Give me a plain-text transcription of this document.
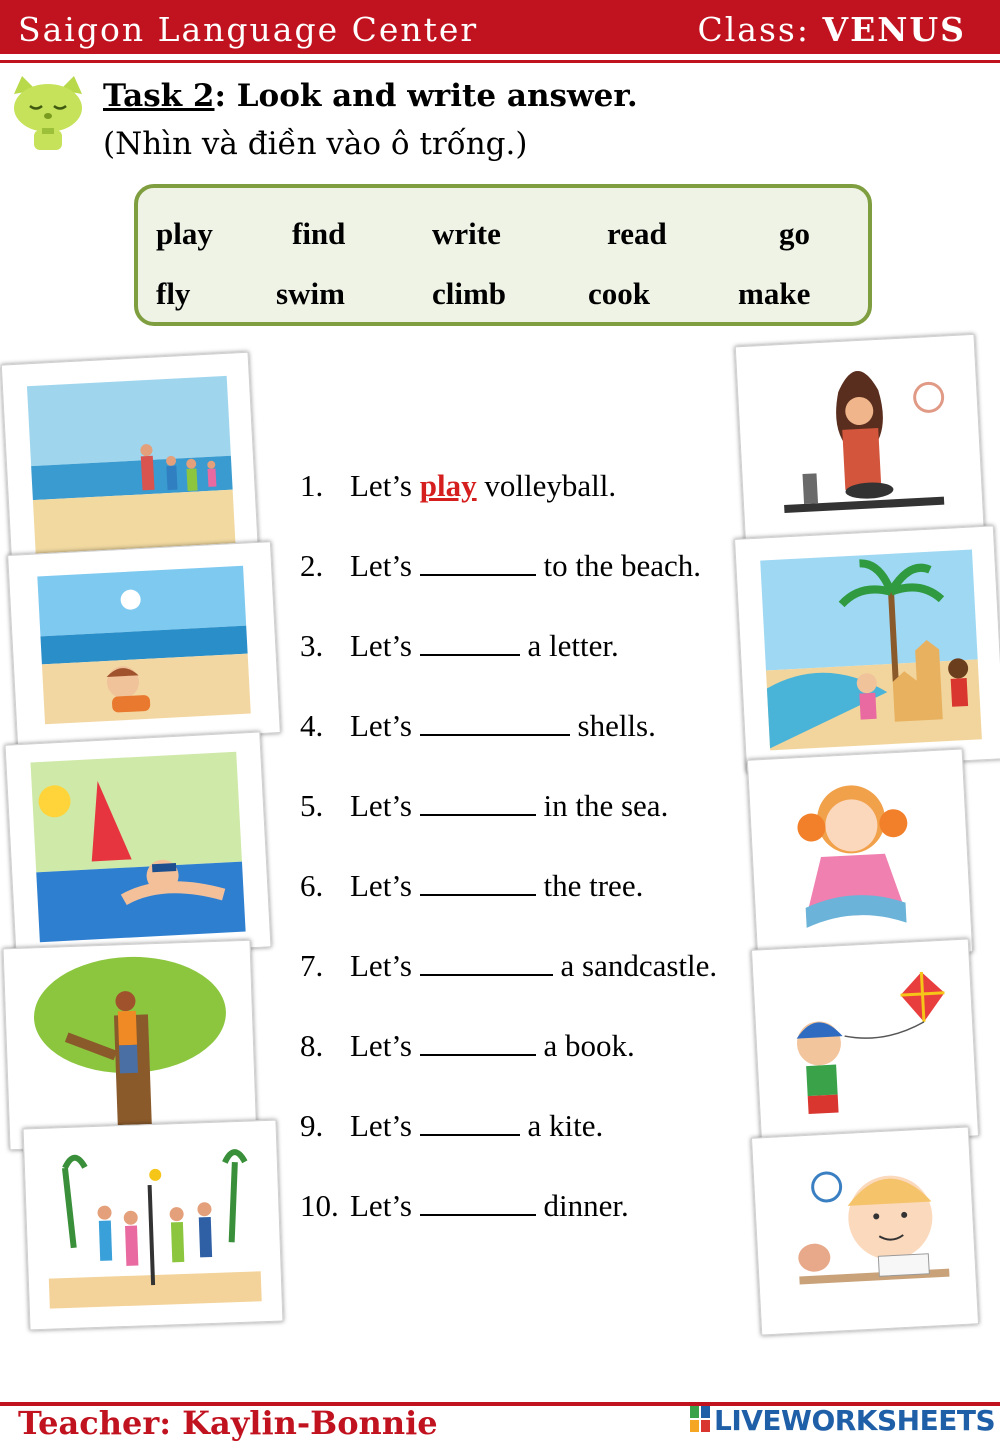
Saigon Language Center	Class: VENUS
Task 2: Look and write answer.
(Nhìn và điền vào ô trống.)
play	find	write	read	go
fly	swim	climb	cook	make
1. Let’s play volleyball.
2. Let’s	to the beach.
3. Let’s	a letter.
4. Let’s	shells.
5. Let’s	in the sea.
6. Let’s	the tree.
7. Let’s	a sandcastle.
8. Let’s	a book.
9. Let’s	a kite.
10. Let’s	dinner.
Teacher: Kaylin-Bonnie	LIVEWORKSHEETS
